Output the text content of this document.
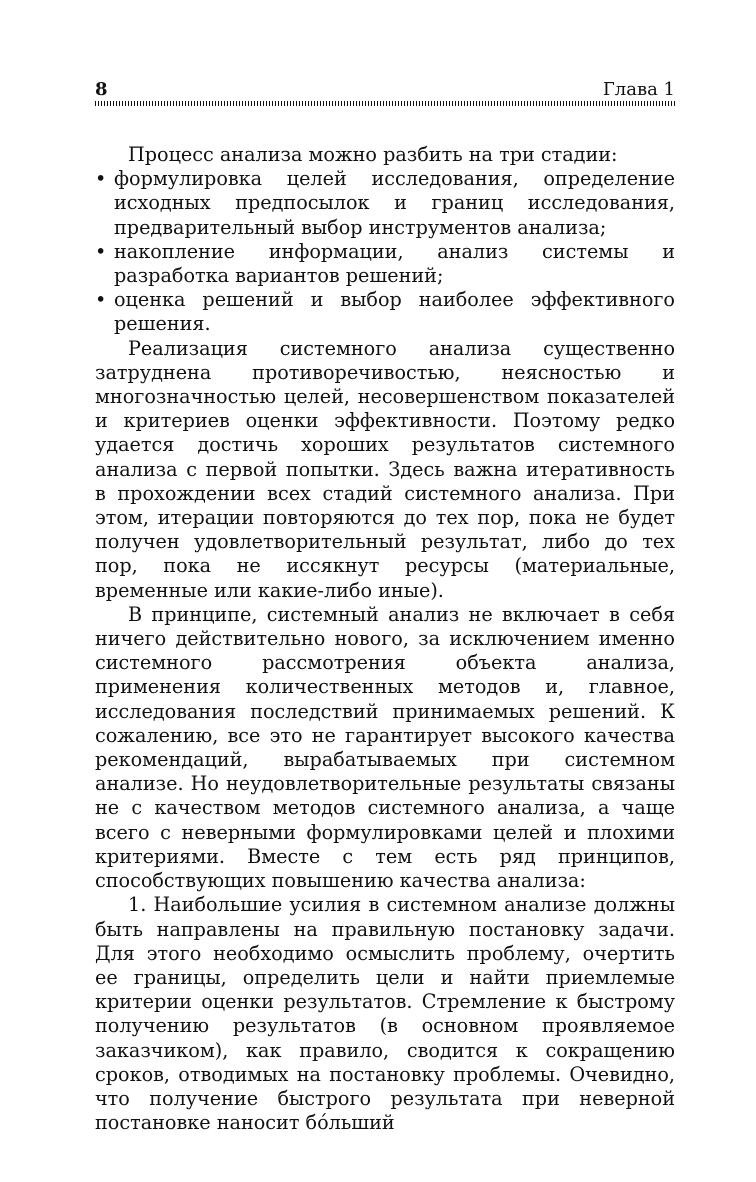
8	Глава 1

Процесс анализа можно разбить на три стадии:

• формулировка целей исследования, определение исходных предпосылок и границ исследования, предварительный выбор инструментов анализа;
• накопление информации, анализ системы и разработка вариантов решений;
• оценка решений и выбор наиболее эффективного решения.

Реализация системного анализа существенно затруднена противоречивостью, неясностью и многозначностью целей, несовершенством показателей и критериев оценки эффективности. Поэтому редко удается достичь хороших результатов системного анализа с первой попытки. Здесь важна итеративность в прохождении всех стадий системного анализа. При этом, итерации повторяются до тех пор, пока не будет получен удовлетворительный результат, либо до тех пор, пока не иссякнут ресурсы (материальные, временные или какие-либо иные).

В принципе, системный анализ не включает в себя ничего действительно нового, за исключением именно системного рассмотрения объекта анализа, применения количественных методов и, главное, исследования последствий принимаемых решений. К сожалению, все это не гарантирует высокого качества рекомендаций, вырабатываемых при системном анализе. Но неудовлетворительные результаты связаны не с качеством методов системного анализа, а чаще всего с неверными формулировками целей и плохими критериями. Вместе с тем есть ряд принципов, способствующих повышению качества анализа:

1. Наибольшие усилия в системном анализе должны быть направлены на правильную постановку задачи. Для этого необходимо осмыслить проблему, очертить ее границы, определить цели и найти приемлемые критерии оценки результатов. Стремление к быстрому получению результатов (в основном проявляемое заказчиком), как правило, сводится к сокращению сроков, отводимых на постановку проблемы. Очевидно, что получение быстрого результата при неверной постановке наносит бóльший
